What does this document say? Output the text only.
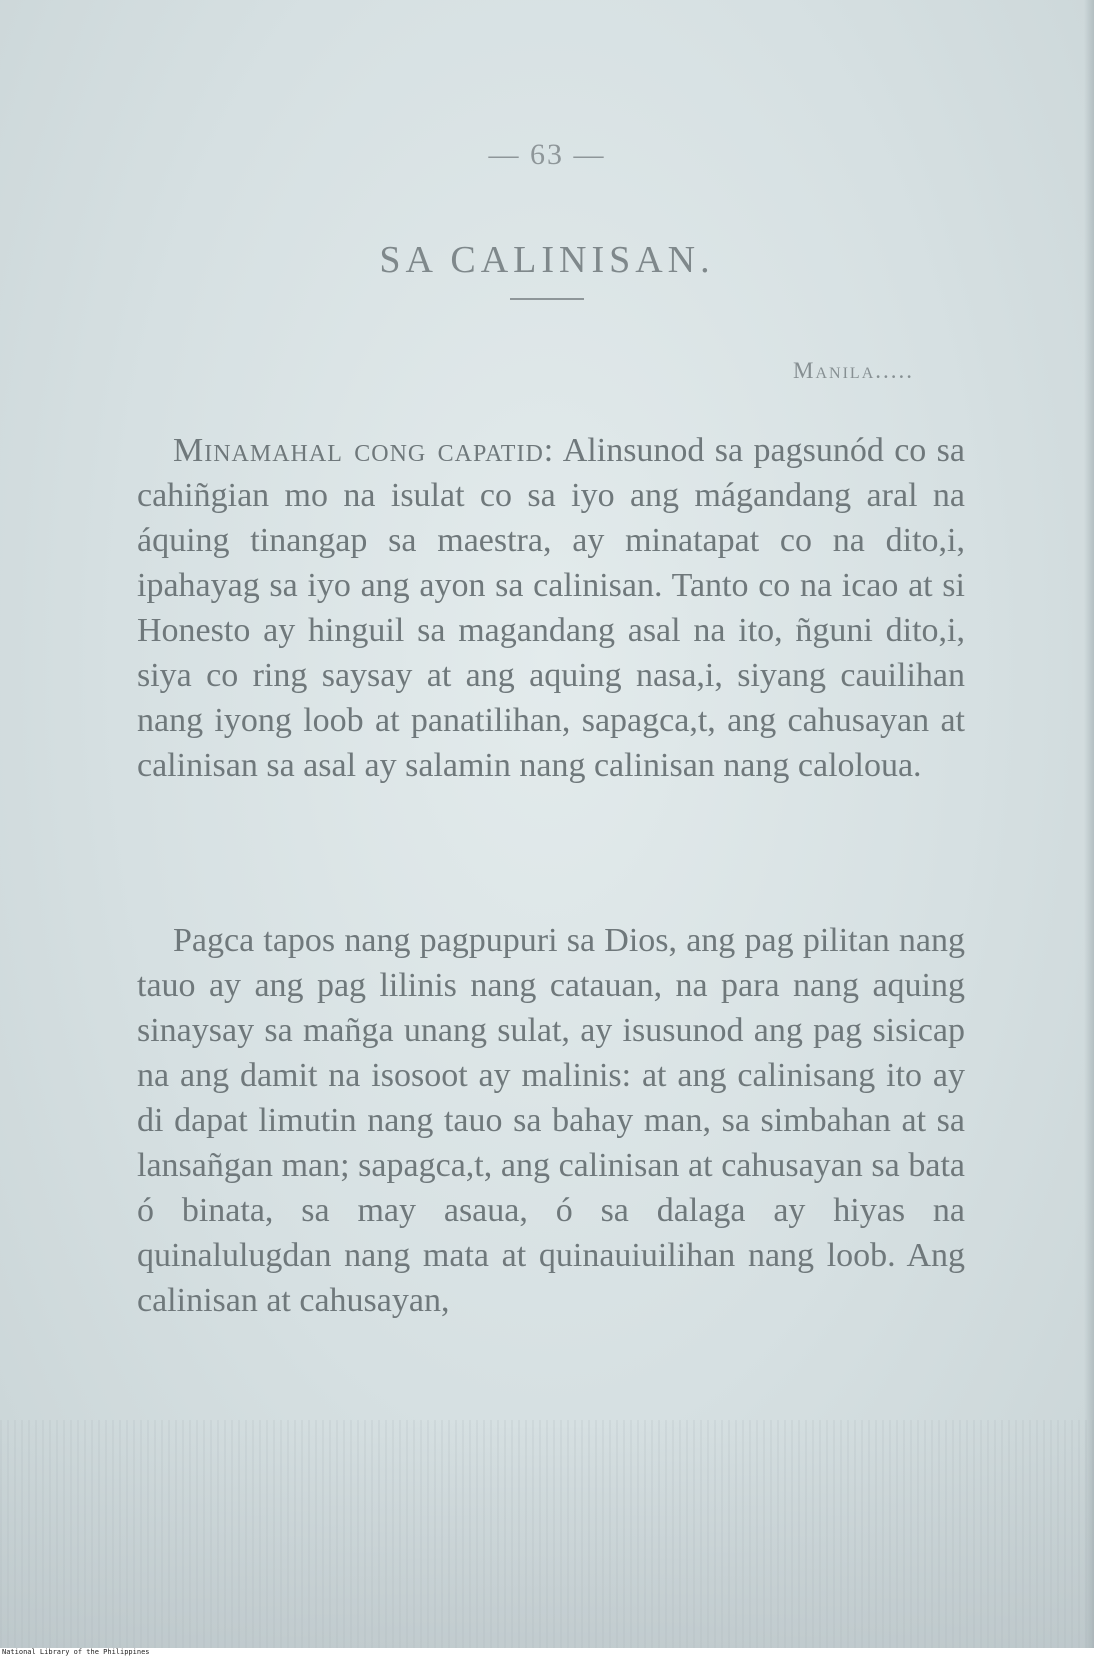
— 63 —
SA CALINISAN.
Manila.....

Minamahal cong capatid: Alinsunod sa pagsunód co sa cahiñgian mo na isulat co sa iyo ang mágandang aral na áquing tinangap sa maestra, ay minatapat co na dito,i, ipahayag sa iyo ang ayon sa calinisan. Tanto co na icao at si Honesto ay hinguil sa magandang asal na ito, ñguni dito,i, siya co ring saysay at ang aquing nasa,i, siyang cauilihan nang iyong loob at panatilihan, sapagca,t, ang cahusayan at calinisan sa asal ay salamin nang calinisan nang caloloua.

Pagca tapos nang pagpupuri sa Dios, ang pag pilitan nang tauo ay ang pag lilinis nang catauan, na para nang aquing sinaysay sa mañga unang sulat, ay isusunod ang pag sisicap na ang damit na isosoot ay malinis: at ang calinisang ito ay di dapat limutin nang tauo sa bahay man, sa simbahan at sa lansañgan man; sapagca,t, ang calinisan at cahusayan sa bata ó binata, sa may asaua, ó sa dalaga ay hiyas na quinalulugdan nang mata at quinauiuilihan nang loob. Ang calinisan at cahusayan,

National Library of the Philippines
